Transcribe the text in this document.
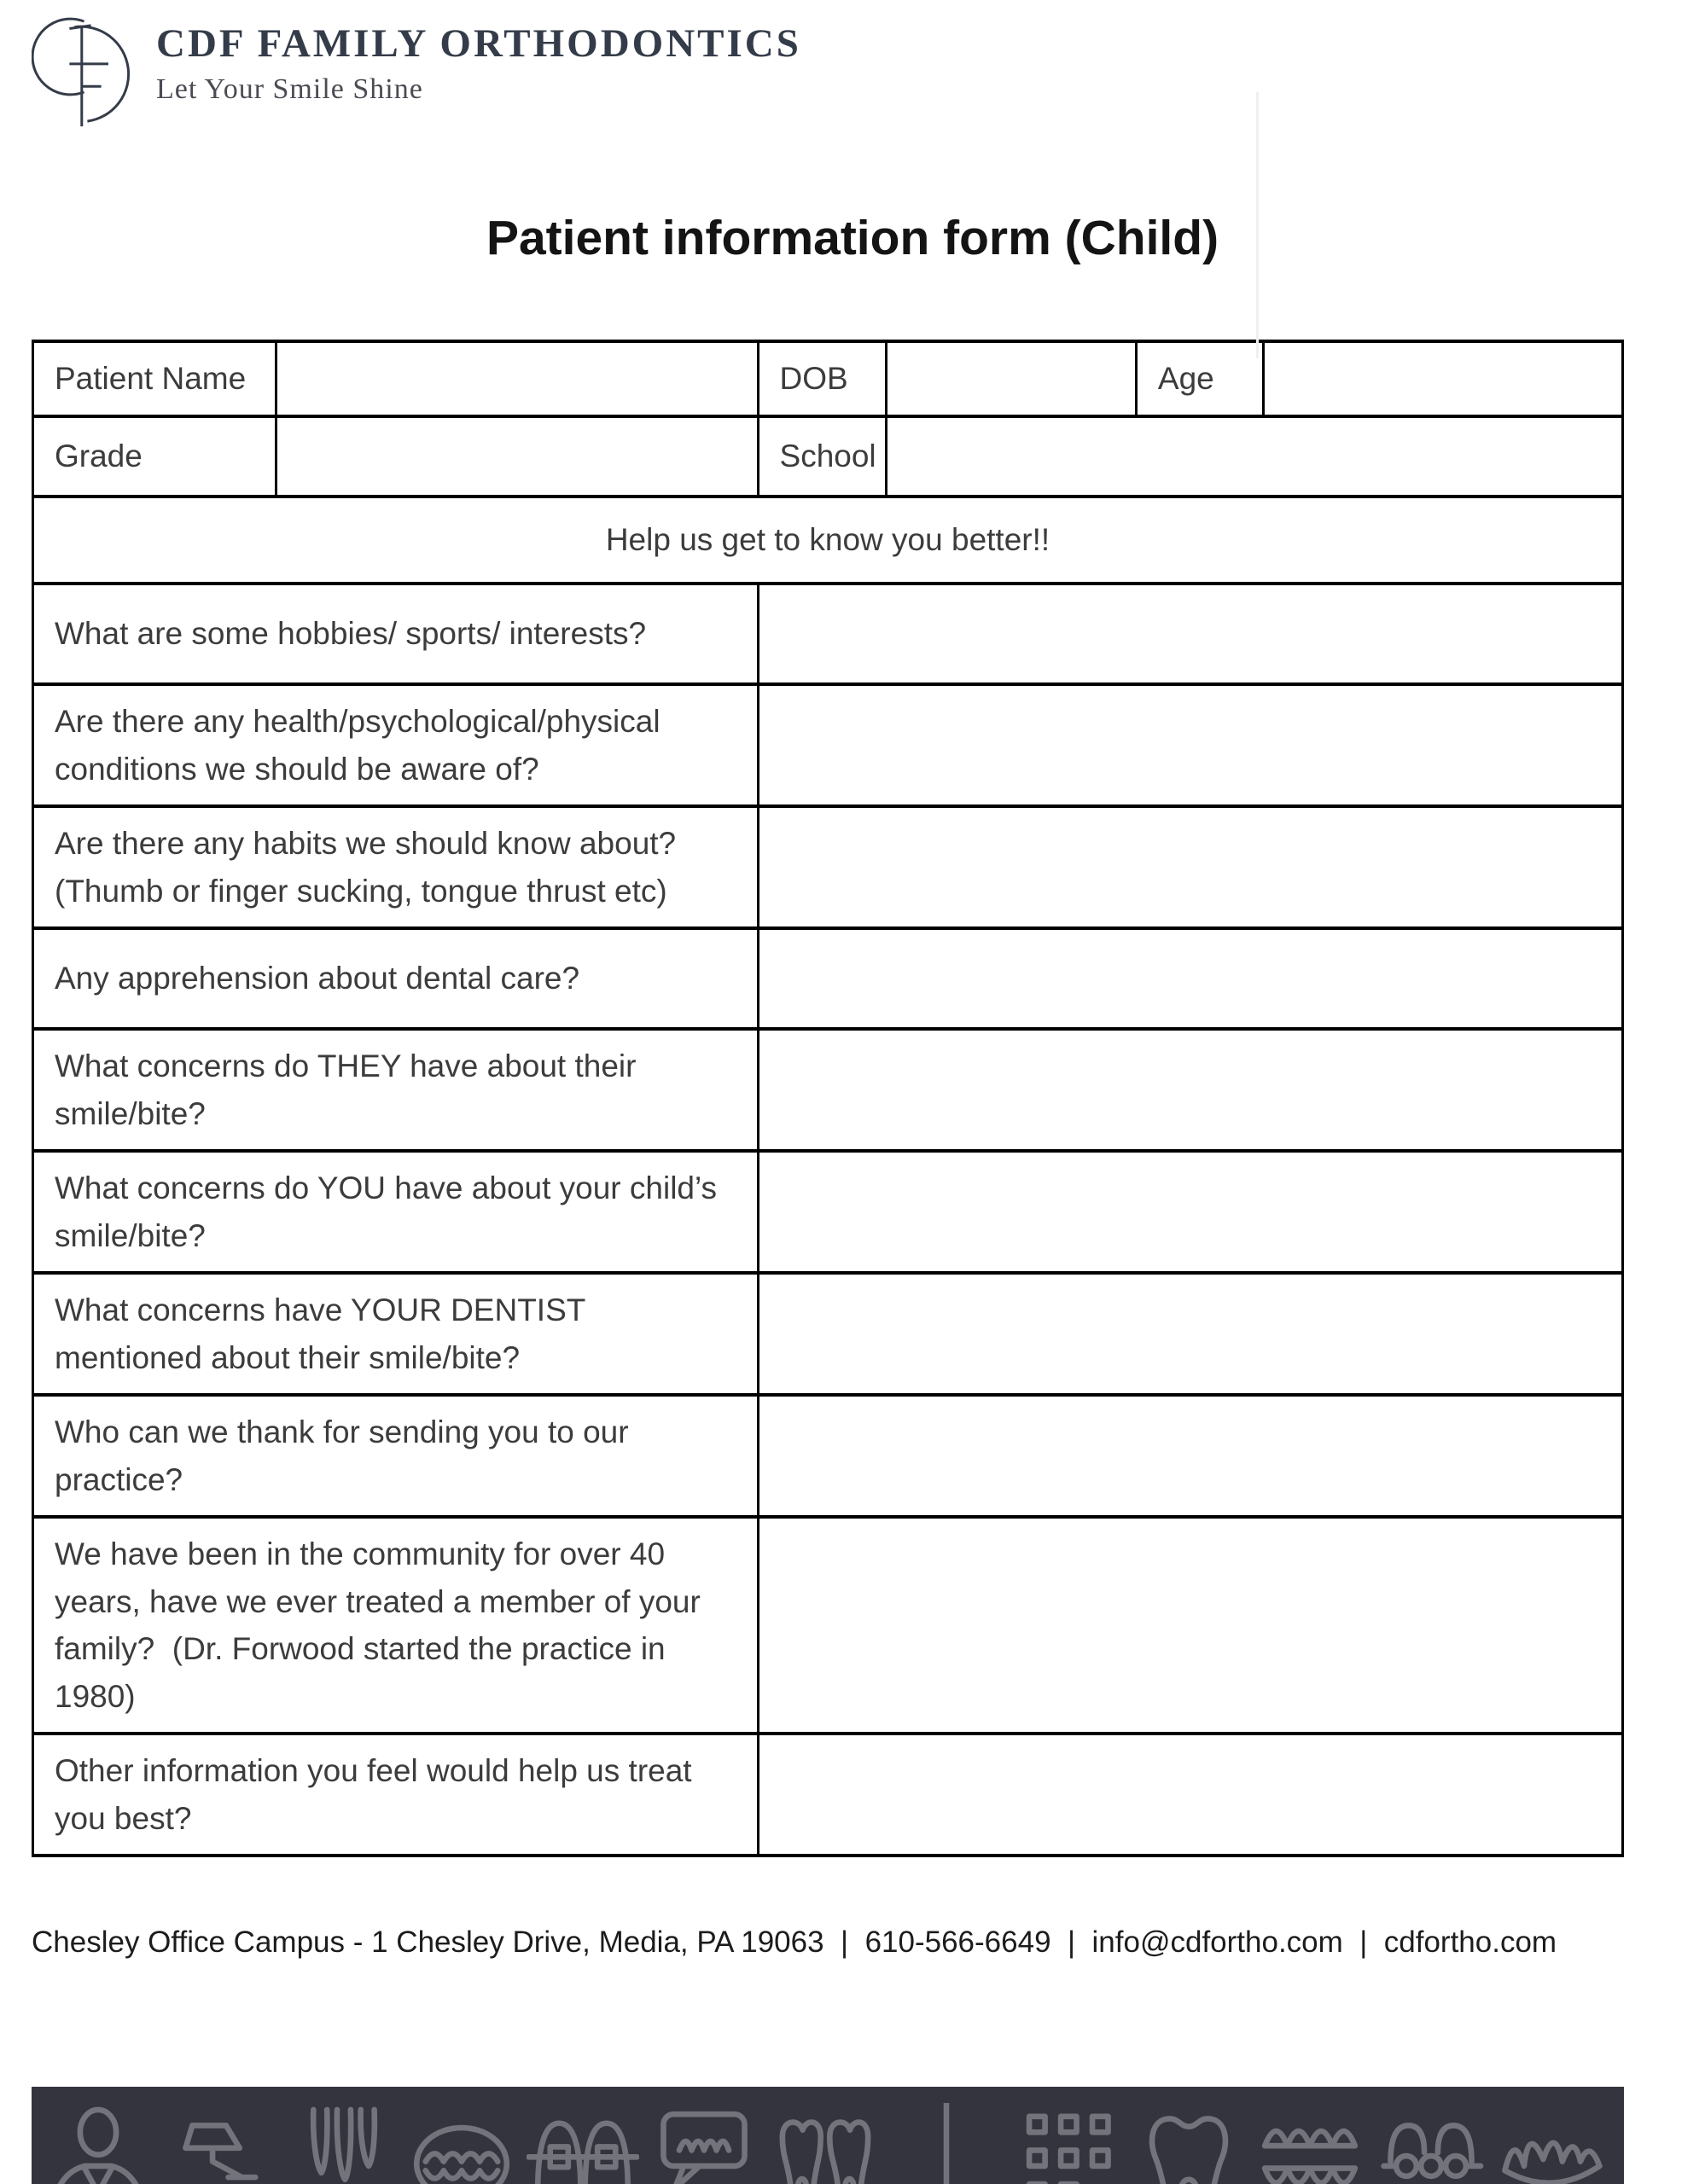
CDF FAMILY ORTHODONTICS
Let Your Smile Shine
Patient information form (Child)
Patient Name		DOB		Age	
Grade		School			
Help us get to know you better!!					
What are some hobbies/ sports/ interests?					
Are there any health/psychological/physical conditions we should be aware of?					
Are there any habits we should know about? (Thumb or finger sucking, tongue thrust etc)					
Any apprehension about dental care?					
What concerns do THEY have about their smile/bite?					
What concerns do YOU have about your child’s smile/bite?					
What concerns have YOUR DENTIST mentioned about their smile/bite?					
Who can we thank for sending you to our practice?					
We have been in the community for over 40 years, have we ever treated a member of your family?  (Dr. Forwood started the practice in 1980)					
Other information you feel would help us treat you best?					
Chesley Office Campus - 1 Chesley Drive, Media, PA 19063  |  610-566-6649  |  info@cdfortho.com  |  cdfortho.com
